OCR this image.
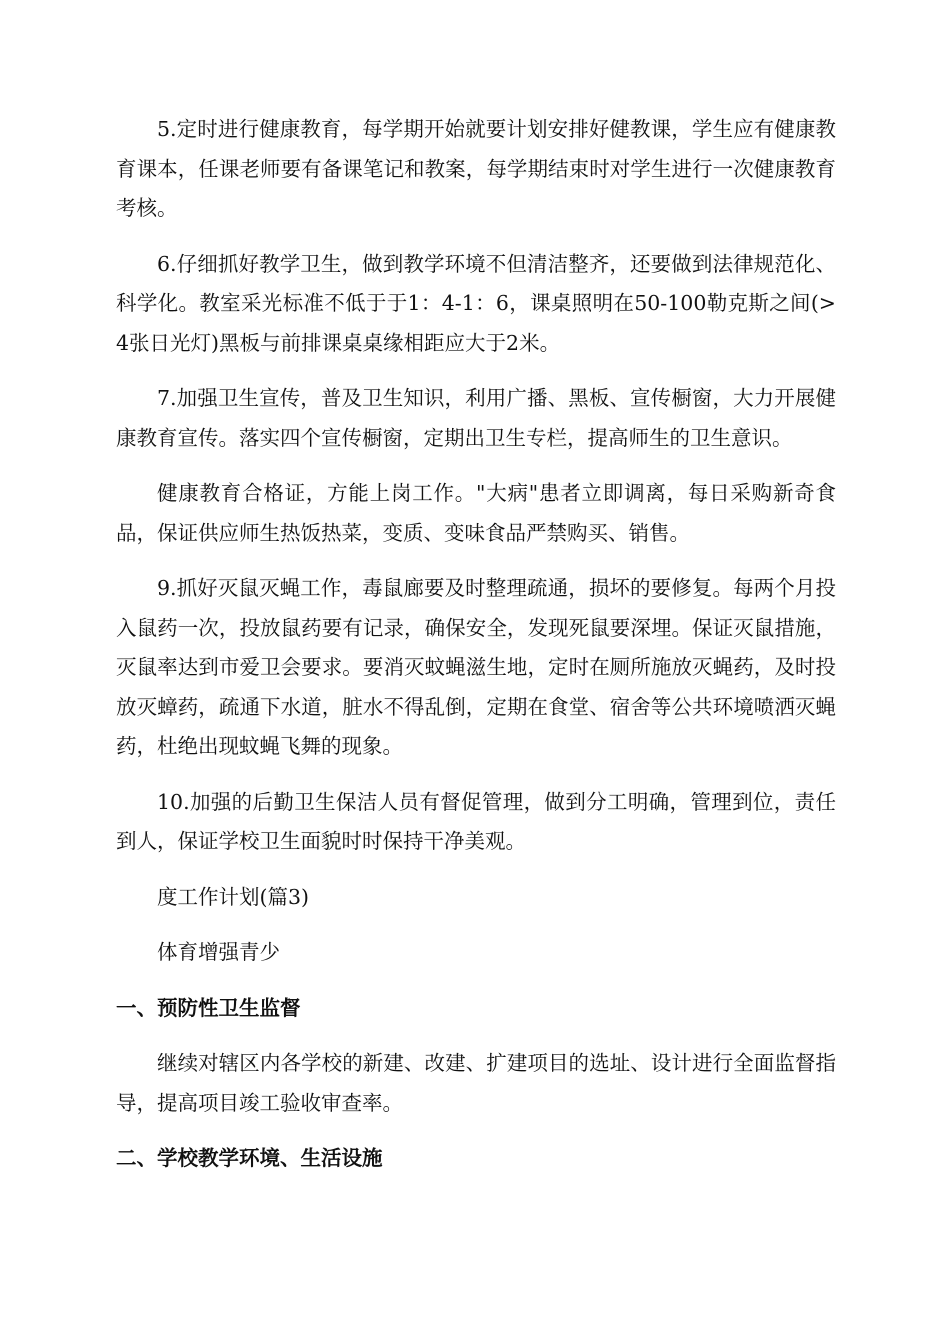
5.定时进行健康教育，每学期开始就要计划安排好健教课，学生应有健康教育课本，任课老师要有备课笔记和教案，每学期结束时对学生进行一次健康教育考核。

6.仔细抓好教学卫生，做到教学环境不但清洁整齐，还要做到法律规范化、科学化。教室采光标准不低于于1：4-1：6，课桌照明在50-100勒克斯之间(>4张日光灯)黑板与前排课桌桌缘相距应大于2米。

7.加强卫生宣传，普及卫生知识，利用广播、黑板、宣传橱窗，大力开展健康教育宣传。落实四个宣传橱窗，定期出卫生专栏，提高师生的卫生意识。

健康教育合格证，方能上岗工作。"大病"患者立即调离，每日采购新奇食品，保证供应师生热饭热菜，变质、变味食品严禁购买、销售。

9.抓好灭鼠灭蝇工作，毒鼠廊要及时整理疏通，损坏的要修复。每两个月投入鼠药一次，投放鼠药要有记录，确保安全，发现死鼠要深埋。保证灭鼠措施，灭鼠率达到市爱卫会要求。要消灭蚊蝇滋生地，定时在厕所施放灭蝇药，及时投放灭蟑药，疏通下水道，脏水不得乱倒，定期在食堂、宿舍等公共环境喷洒灭蝇药，杜绝出现蚊蝇飞舞的现象。

10.加强的后勤卫生保洁人员有督促管理，做到分工明确，管理到位，责任到人，保证学校卫生面貌时时保持干净美观。

度工作计划(篇3)

体育增强青少

一、预防性卫生监督

继续对辖区内各学校的新建、改建、扩建项目的选址、设计进行全面监督指导，提高项目竣工验收审查率。

二、学校教学环境、生活设施
